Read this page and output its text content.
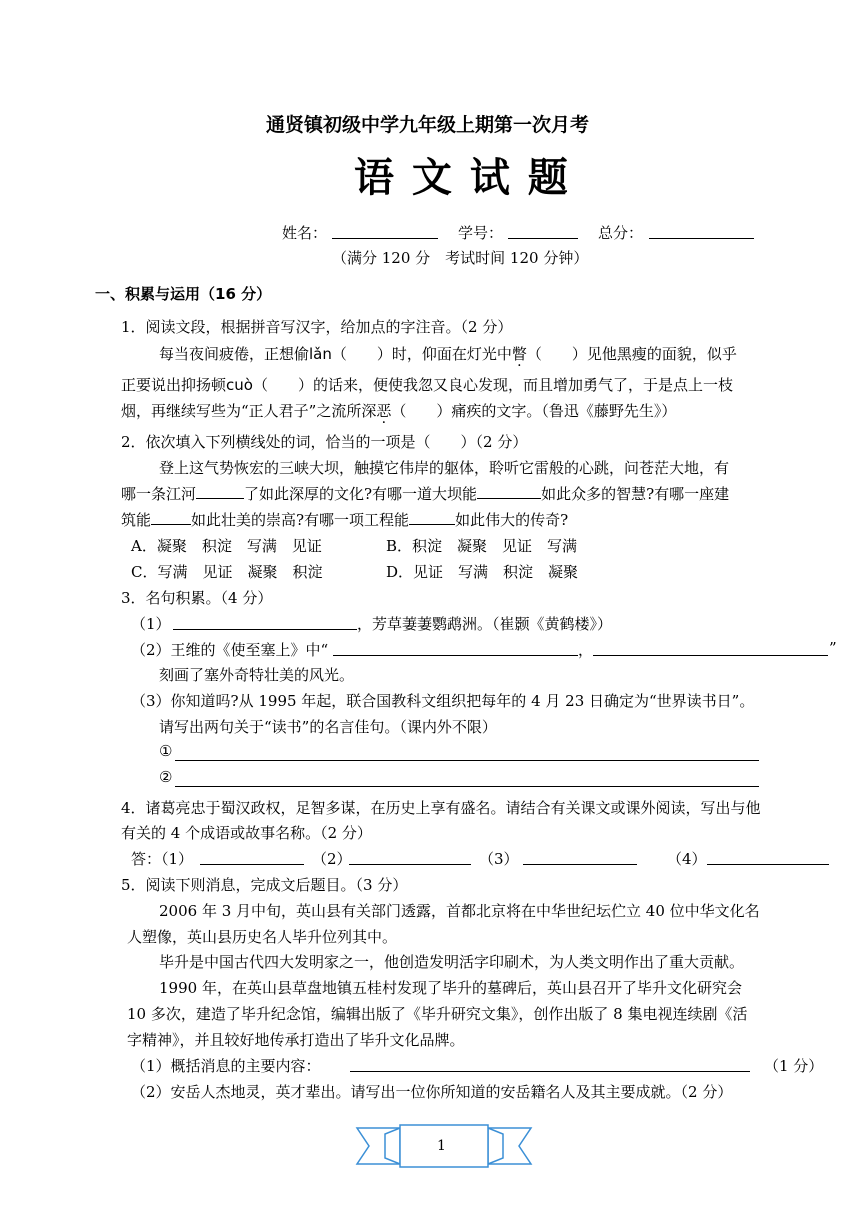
通贤镇初级中学九年级上期第一次月考
语 文 试 题
姓名：	学号：	总分：
（满分 120 分　考试时间 120 分钟）
一、积累与运用（16 分）
1．阅读文段，根据拼音写汉字，给加点的字注音。（2 分）
每当夜间疲倦，正想偷lǎn（　　）时，仰面在灯光中瞥（　　）见他黑瘦的面貌，似乎
正要说出抑扬顿cuò（　　）的话来，便使我忽又良心发现，而且增加勇气了，于是点上一枝
烟，再继续写些为“正人君子”之流所深恶（　　）痛疾的文字。（鲁迅《藤野先生》）
2．依次填入下列横线处的词，恰当的一项是（　　）（2 分）
登上这气势恢宏的三峡大坝，触摸它伟岸的躯体，聆听它雷般的心跳，问苍茫大地，有
哪一条江河	了如此深厚的文化?有哪一道大坝能	如此众多的智慧?有哪一座建
筑能	如此壮美的崇高?有哪一项工程能	如此伟大的传奇?
A．凝聚　积淀　写满　见证	B．积淀　凝聚　见证　写满
C．写满　见证　凝聚　积淀	D．见证　写满　积淀　凝聚
3．名句积累。（4 分）
（1）	，芳草萋萋鹦鹉洲。（崔颢《黄鹤楼》）
（2）王维的《使至塞上》中“	，	”
刻画了塞外奇特壮美的风光。
（3）你知道吗?从 1995 年起，联合国教科文组织把每年的 4 月 23 日确定为“世界读书日”。
请写出两句关于“读书”的名言佳句。（课内外不限）
①
②
4．诸葛亮忠于蜀汉政权，足智多谋，在历史上享有盛名。请结合有关课文或课外阅读，写出与他
有关的 4 个成语或故事名称。（2 分）
答：（1）	（2）	（3）	（4）
5．阅读下则消息，完成文后题目。（3 分）
2006 年 3 月中旬，英山县有关部门透露，首都北京将在中华世纪坛伫立 40 位中华文化名
人塑像，英山县历史名人毕升位列其中。
毕升是中国古代四大发明家之一，他创造发明活字印刷术，为人类文明作出了重大贡献。
1990 年，在英山县草盘地镇五桂村发现了毕升的墓碑后，英山县召开了毕升文化研究会
10 多次，建造了毕升纪念馆，编辑出版了《毕升研究文集》，创作出版了 8 集电视连续剧《活
字精神》，并且较好地传承打造出了毕升文化品牌。
（1）概括消息的主要内容：	（1 分）
（2）安岳人杰地灵，英才辈出。请写出一位你所知道的安岳籍名人及其主要成就。（2 分）
1
